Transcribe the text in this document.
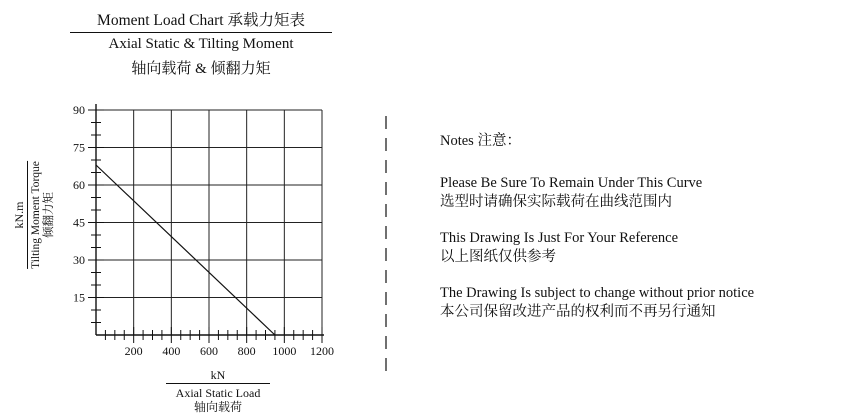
Moment Load Chart 承载力矩表
Axial Static & Tilting Moment
轴向载荷 & 倾翻力矩
kN.m Tilting Moment Torque 倾翻力矩
15
30
45
60
75
90
200 400 600 800 1000 1200
kN
Axial Static Load
轴向载荷
Notes 注意：
Please Be Sure To Remain Under This Curve
选型时请确保实际载荷在曲线范围内
This Drawing Is Just For Your Reference
以上图纸仅供参考
The Drawing Is subject to change without prior notice
本公司保留改进产品的权利而不再另行通知
